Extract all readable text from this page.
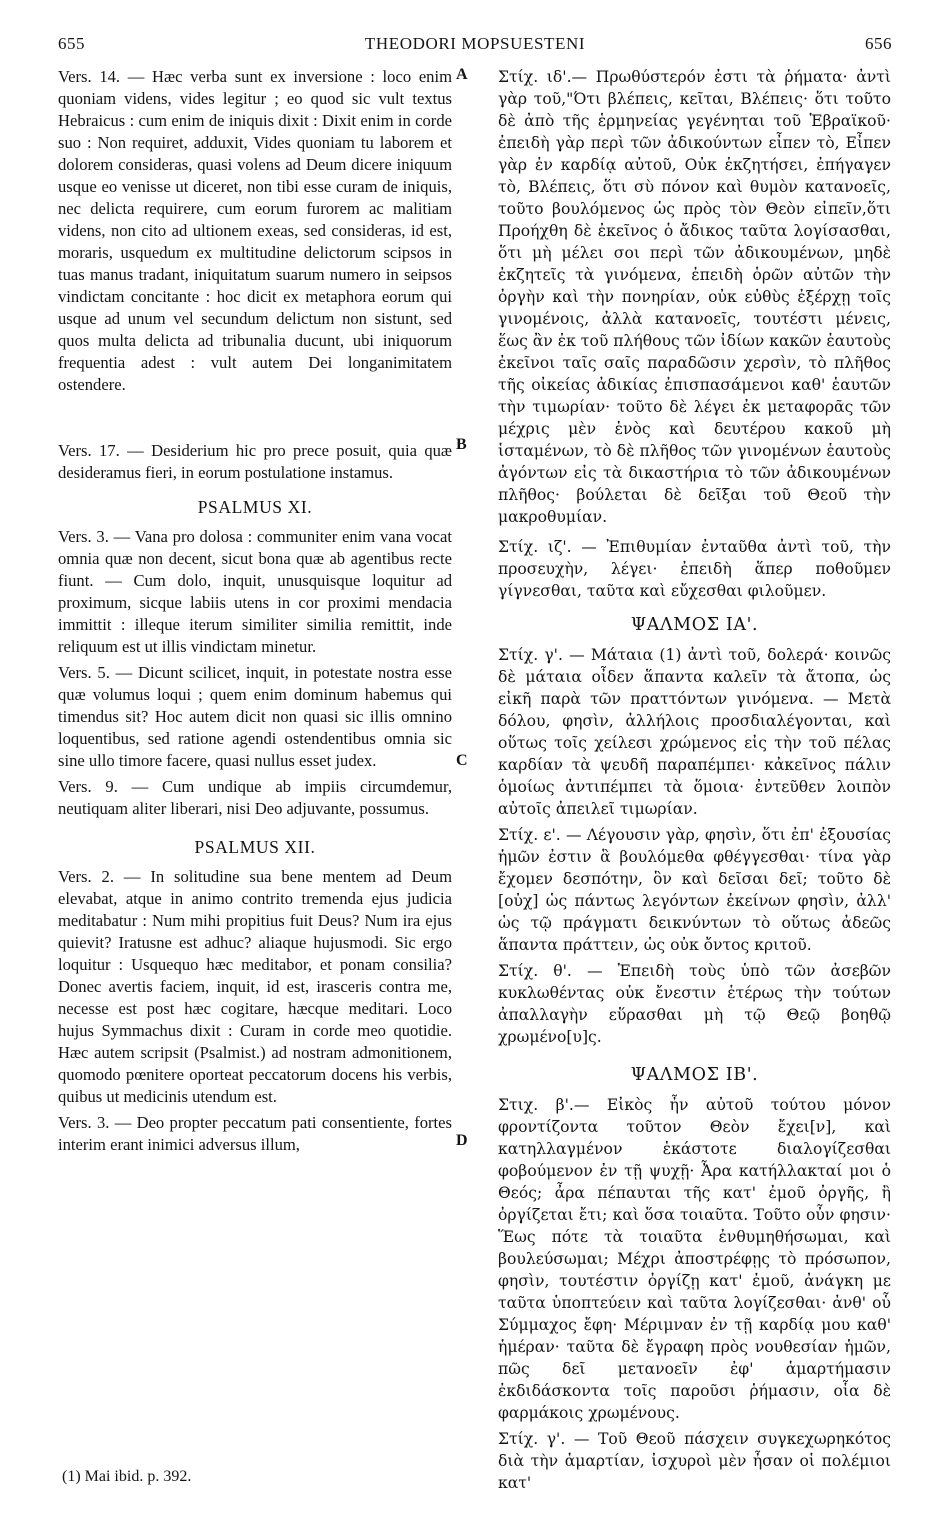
655	THEODORI MOPSUESTENI	656

Vers. 14. — Hæc verba sunt ex inversione : loco enim quoniam videns, vides legitur ; eo quod sic vult textus Hebraicus : cum enim de iniquis dixit : Dixit enim in corde suo : Non requiret, adduxit, Vides quoniam tu laborem et dolorem consideras, quasi volens ad Deum dicere iniquum usque eo venisse ut diceret, non tibi esse curam de iniquis, nec delicta requirere, cum eorum furorem ac malitiam videns, non cito ad ultionem exeas, sed consideras, id est, moraris, usquedum ex multitudine delictorum scipsos in tuas manus tradant, iniquitatum suarum numero in seipsos vindictam concitante : hoc dicit ex metaphora eorum qui usque ad unum vel secundum delictum non sistunt, sed quos multa delicta ad tribunalia ducunt, ubi iniquorum frequentia adest : vult autem Dei longanimitatem ostendere.

Vers. 17. — Desiderium hic pro prece posuit, quia quæ desideramus fieri, in eorum postulatione instamus.

PSALMUS XI.

Vers. 3. — Vana pro dolosa : communiter enim vana vocat omnia quæ non decent, sicut bona quæ ab agentibus recte fiunt. — Cum dolo, inquit, unusquisque loquitur ad proximum, sicque labiis utens in cor proximi mendacia immittit : illeque iterum similiter similia remittit, inde reliquum est ut illis vindictam minetur.

Vers. 5. — Dicunt scilicet, inquit, in potestate nostra esse quæ volumus loqui ; quem enim dominum habemus qui timendus sit? Hoc autem dicit non quasi sic illis omnino loquentibus, sed ratione agendi ostendentibus omnia sic sine ullo timore facere, quasi nullus esset judex.

Vers. 9. — Cum undique ab impiis circumdemur, neutiquam aliter liberari, nisi Deo adjuvante, possumus.

PSALMUS XII.

Vers. 2. — In solitudine sua bene mentem ad Deum elevabat, atque in animo contrito tremenda ejus judicia meditabatur : Num mihi propitius fuit Deus? Num ira ejus quievit? Iratusne est adhuc? aliaque hujusmodi. Sic ergo loquitur : Usquequo hæc meditabor, et ponam consilia? Donec avertis faciem, inquit, id est, irasceris contra me, necesse est post hæc cogitare, hæcque meditari. Loco hujus Symmachus dixit : Curam in corde meo quotidie. Hæc autem scripsit (Psalmist.) ad nostram admonitionem, quomodo pœnitere oporteat peccatorum docens his verbis, quibus ut medicinis utendum est.

Vers. 3. — Deo propter peccatum pati consentiente, fortes interim erant inimici adversus illum,

Στίχ. ιδ'.— Πρωθύστερόν ἐστι τὰ ῥήματα· ἀντὶ γὰρ τοῦ,"Ότι βλέπεις, κεῖται, Βλέπεις· ὅτι τοῦτο δὲ ἀπὸ τῆς ἑρμηνείας γεγένηται τοῦ Ἑβραϊκοῦ· ἐπειδὴ γὰρ περὶ τῶν ἀδικούντων εἶπεν τὸ, Εἶπεν γὰρ ἐν καρδίᾳ αὐτοῦ, Οὐκ ἐκζητήσει, ἐπήγαγεν τὸ, Βλέπεις, ὅτι σὺ πόνον καὶ θυμὸν κατανοεῖς, τοῦτο βουλόμενος ὡς πρὸς τὸν Θεὸν εἰπεῖν,ὅτι Προήχθη δὲ ἐκεῖνος ὁ ἄδικος ταῦτα λογίσασθαι, ὅτι μὴ μέλει σοι περὶ τῶν ἀδικουμένων, μηδὲ ἐκζητεῖς τὰ γινόμενα, ἐπειδὴ ὁρῶν αὐτῶν τὴν ὀργὴν καὶ τὴν πονηρίαν, οὐκ εὐθὺς ἐξέρχῃ τοῖς γινομένοις, ἀλλὰ κατανοεῖς, τουτέστι μένεις, ἕως ἂν ἐκ τοῦ πλήθους τῶν ἰδίων κακῶν ἑαυτοὺς ἐκεῖνοι ταῖς σαῖς παραδῶσιν χερσὶν, τὸ πλῆθος τῆς οἰκείας ἀδικίας ἐπισπασάμενοι καθ' ἑαυτῶν τὴν τιμωρίαν· τοῦτο δὲ λέγει ἐκ μεταφορᾶς τῶν μέχρις μὲν ἑνὸς καὶ δευτέρου κακοῦ μὴ ἱσταμένων, τὸ δὲ πλῆθος τῶν γινομένων ἑαυτοὺς ἀγόντων εἰς τὰ δικαστήρια τὸ τῶν ἀδικουμένων πλῆθος· βούλεται δὲ δεῖξαι τοῦ Θεοῦ τὴν μακροθυμίαν.

Στίχ. ιζ'. — Ἐπιθυμίαν ἐνταῦθα ἀντὶ τοῦ, τὴν προσευχὴν, λέγει· ἐπειδὴ ἅπερ ποθοῦμεν γίγνεσθαι, ταῦτα καὶ εὔχεσθαι φιλοῦμεν.

ΨΑΛΜΟΣ ΙΑ'.

Στίχ. γ'. — Μάταια (1) ἀντὶ τοῦ, δολερά· κοινῶς δὲ μάταια οἶδεν ἅπαντα καλεῖν τὰ ἄτοπα, ὡς εἰκῆ παρὰ τῶν πραττόντων γινόμενα. — Μετὰ δόλου, φησὶν, ἀλλήλοις προσδιαλέγονται, καὶ οὕτως τοῖς χείλεσι χρώμενος εἰς τὴν τοῦ πέλας καρδίαν τὰ ψευδῆ παραπέμπει· κἀκεῖνος πάλιν ὁμοίως ἀντιπέμπει τὰ ὅμοια· ἐντεῦθεν λοιπὸν αὐτοῖς ἀπειλεῖ τιμωρίαν.

Στίχ. ε'. — Λέγουσιν γὰρ, φησὶν, ὅτι ἐπ' ἐξουσίας ἡμῶν ἐστιν ἃ βουλόμεθα φθέγγεσθαι· τίνα γὰρ ἔχομεν δεσπότην, ὃν καὶ δεῖσαι δεῖ; τοῦτο δὲ [οὐχ] ὡς πάντως λεγόντων ἐκείνων φησὶν, ἀλλ' ὡς τῷ πράγματι δεικνύντων τὸ οὕτως ἀδεῶς ἅπαντα πράττειν, ὡς οὐκ ὄντος κριτοῦ.

Στίχ. θ'. — Ἐπειδὴ τοὺς ὑπὸ τῶν ἀσεβῶν κυκλωθέντας οὐκ ἔνεστιν ἑτέρως τὴν τούτων ἀπαλλαγὴν εὕρασθαι μὴ τῷ Θεῷ βοηθῷ χρωμένο[υ]ς.

ΨΑΛΜΟΣ ΙΒ'.

Στιχ. β'.— Εἰκὸς ἦν αὐτοῦ τούτου μόνον φροντίζοντα τοῦτον Θεὸν ἔχει[ν], καὶ κατηλλαγμένον ἑκάστοτε διαλογίζεσθαι φοβούμενον ἐν τῇ ψυχῇ· Ἆρα κατήλλακταί μοι ὁ Θεός; ἆρα πέπαυται τῆς κατ' ἐμοῦ ὀργῆς, ἢ ὀργίζεται ἔτι; καὶ ὅσα τοιαῦτα. Τοῦτο οὖν φησιν· Ἕως πότε τὰ τοιαῦτα ἐνθυμηθήσωμαι, καὶ βουλεύσωμαι; Μέχρι ἀποστρέφῃς τὸ πρόσωπον, φησὶν, τουτέστιν ὀργίζῃ κατ' ἐμοῦ, ἀνάγκη με ταῦτα ὑποπτεύειν καὶ ταῦτα λογίζεσθαι· ἀνθ' οὗ Σύμμαχος ἔφη· Μέριμναν ἐν τῇ καρδίᾳ μου καθ' ἡμέραν· ταῦτα δὲ ἔγραφη πρὸς νουθεσίαν ἡμῶν, πῶς δεῖ μετανοεῖν ἐφ' ἁμαρτήμασιν ἐκδιδάσκοντα τοῖς παροῦσι ῥήμασιν, οἷα δὲ φαρμάκοις χρωμένους.

Στίχ. γ'. — Τοῦ Θεοῦ πάσχειν συγκεχωρηκότος διὰ τὴν ἁμαρτίαν, ἰσχυροὶ μὲν ἦσαν οἱ πολέμιοι κατ'

A
B
C
D
(1) Mai ibid. p. 392.
